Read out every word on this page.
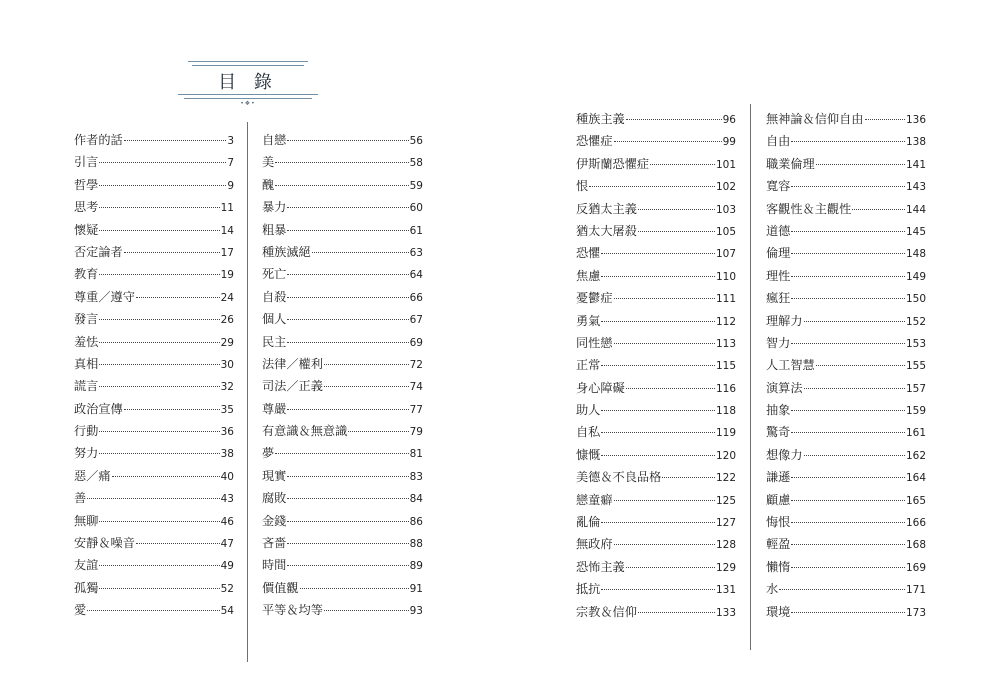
目 錄
•❖•
作者的話	3
引言	7
哲學	9
思考	11
懷疑	14
否定論者	17
教育	19
尊重／遵守	24
發言	26
羞怯	29
真相	30
謊言	32
政治宣傳	35
行動	36
努力	38
惡／痛	40
善	43
無聊	46
安靜＆噪音	47
友誼	49
孤獨	52
愛	54
自戀	56
美	58
醜	59
暴力	60
粗暴	61
種族滅絕	63
死亡	64
自殺	66
個人	67
民主	69
法律／權利	72
司法／正義	74
尊嚴	77
有意識＆無意識	79
夢	81
現實	83
腐敗	84
金錢	86
吝嗇	88
時間	89
價值觀	91
平等＆均等	93
種族主義	96
恐懼症	99
伊斯蘭恐懼症	101
恨	102
反猶太主義	103
猶太大屠殺	105
恐懼	107
焦慮	110
憂鬱症	111
勇氣	112
同性戀	113
正常	115
身心障礙	116
助人	118
自私	119
慷慨	120
美德＆不良品格	122
戀童癖	125
亂倫	127
無政府	128
恐怖主義	129
抵抗	131
宗教＆信仰	133
無神論＆信仰自由	136
自由	138
職業倫理	141
寬容	143
客觀性＆主觀性	144
道德	145
倫理	148
理性	149
瘋狂	150
理解力	152
智力	153
人工智慧	155
演算法	157
抽象	159
驚奇	161
想像力	162
謙遜	164
顧慮	165
悔恨	166
輕盈	168
懶惰	169
水	171
環境	173
